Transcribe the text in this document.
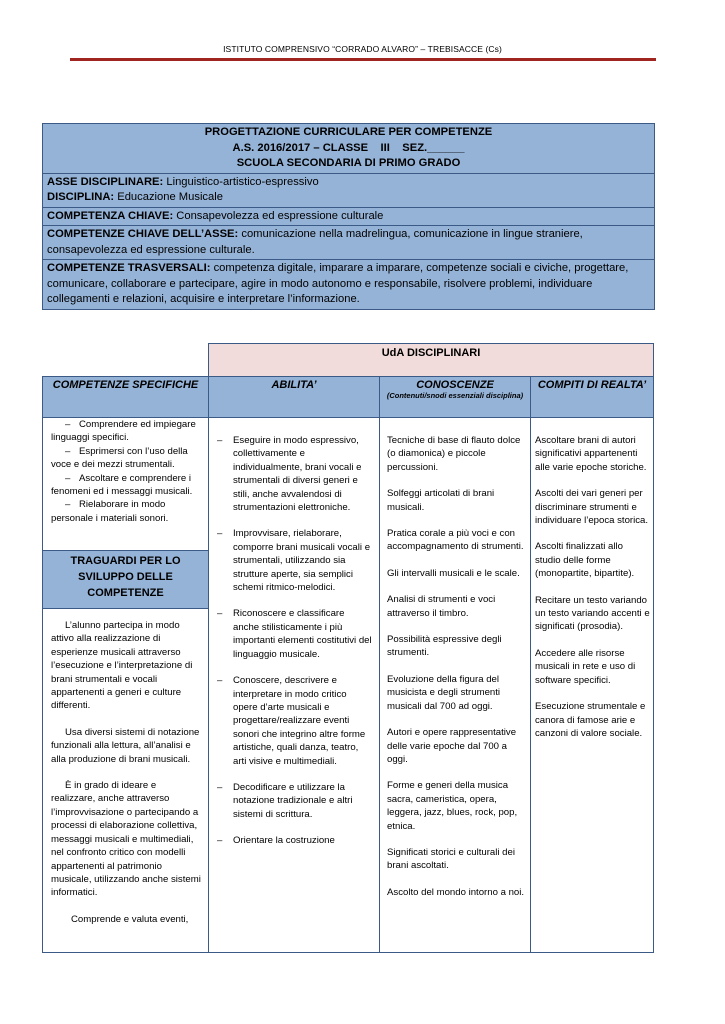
ISTITUTO COMPRENSIVO “CORRADO ALVARO” – TREBISACCE (Cs)
PROGETTAZIONE CURRICULARE PER COMPETENZE
A.S. 2016/2017 – CLASSE    III    SEZ.______
SCUOLA SECONDARIA DI PRIMO GRADO
ASSE DISCIPLINARE: Linguistico-artistico-espressivo
DISCIPLINA: Educazione Musicale
COMPETENZA CHIAVE: Consapevolezza ed espressione culturale
COMPETENZE CHIAVE DELL’ASSE: comunicazione nella madrelingua, comunicazione in lingue straniere, consapevolezza ed espressione culturale.
COMPETENZE TRASVERSALI: competenza digitale, imparare a imparare, competenze sociali e civiche, progettare, comunicare, collaborare e partecipare, agire in modo autonomo e responsabile, risolvere problemi, individuare collegamenti e relazioni, acquisire e interpretare l’informazione.
UdA DISCIPLINARI
COMPETENZE SPECIFICHE	ABILITA’	CONOSCENZE
(Contenuti/snodi essenziali disciplina)
COMPITI DI REALTA’
– Comprendere ed impiegare linguaggi specifici.
– Esprimersi con l’uso della voce e dei mezzi strumentali.
– Ascoltare e comprendere i fenomeni ed i messaggi musicali.
– Rielaborare in modo personale i materiali sonori.
TRAGUARDI PER LO SVILUPPO DELLE COMPETENZE
L’alunno partecipa in modo attivo alla realizzazione di esperienze musicali attraverso l’esecuzione e l’interpretazione di brani strumentali e vocali appartenenti a generi e culture differenti.
Usa diversi sistemi di notazione funzionali alla lettura, all’analisi e alla produzione di brani musicali.
È in grado di ideare e realizzare, anche attraverso l’improvvisazione o partecipando a processi di elaborazione collettiva, messaggi musicali e multimediali, nel confronto critico con modelli appartenenti al patrimonio musicale, utilizzando anche sistemi informatici.
Comprende e valuta eventi,
– Eseguire in modo espressivo, collettivamente e individualmente, brani vocali e strumentali di diversi generi e stili, anche avvalendosi di strumentazioni elettroniche.
– Improvvisare, rielaborare, comporre brani musicali vocali e strumentali, utilizzando sia strutture aperte, sia semplici schemi ritmico-melodici.
– Riconoscere e classificare anche stilisticamente i più importanti elementi costitutivi del linguaggio musicale.
– Conoscere, descrivere e interpretare in modo critico opere d’arte musicali e progettare/realizzare eventi sonori che integrino altre forme artistiche, quali danza, teatro, arti visive e multimediali.
– Decodificare e utilizzare la notazione tradizionale e altri sistemi di scrittura.
– Orientare la costruzione
Tecniche di base di flauto dolce (o diamonica) e piccole percussioni.
Solfeggi articolati di brani musicali.
Pratica corale a più voci e con accompagnamento di strumenti.
Gli intervalli musicali e le scale.
Analisi di strumenti e voci attraverso il timbro.
Possibilità espressive degli strumenti.
Evoluzione della figura del musicista e degli strumenti musicali dal 700 ad oggi.
Autori e opere rappresentative delle varie epoche dal 700 a oggi.
Forme e generi della musica sacra, cameristica, opera, leggera, jazz, blues, rock, pop, etnica.
Significati storici e culturali dei brani ascoltati.
Ascolto del mondo intorno a noi.
Ascoltare brani di autori significativi appartenenti alle varie epoche storiche.
Ascolti dei vari generi per discriminare strumenti e individuare l’epoca storica.
Ascolti finalizzati allo studio delle forme (monopartite, bipartite).
Recitare un testo variando un testo variando accenti e significati (prosodia).
Accedere alle risorse musicali in rete e uso di software specifici.
Esecuzione strumentale e canora di famose arie e canzoni di valore sociale.
